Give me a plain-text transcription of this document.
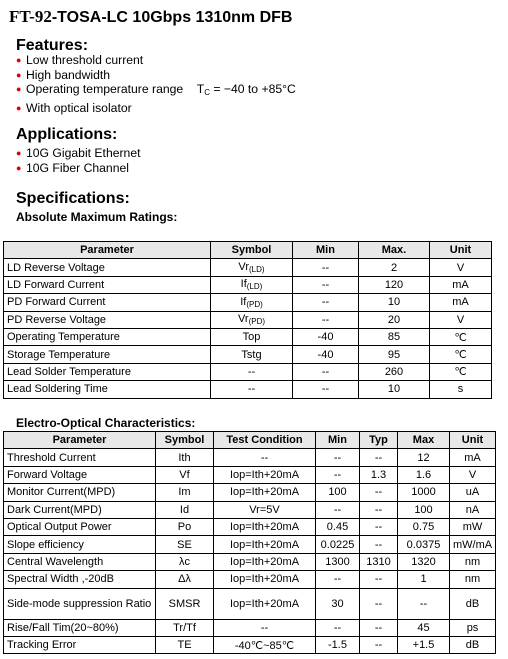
FT-92-TOSA-LC 10Gbps 1310nm DFB
Features:
● Low threshold current
● High bandwidth
● Operating temperature range $T_C = -40$ to +85°C
● With optical isolator
Applications:
● 10G Gigabit Ethernet
● 10G Fiber Channel
Specifications:
Absolute Maximum Ratings:
Parameter	Symbol	Min	Max.	Unit
LD Reverse Voltage	$Vr_{(LD)}$	--	2	V
LD Forward Current	$If_{(LD)}$	--	120	mA
PD Forward Current	$If_{(PD)}$	--	10	mA
PD Reverse Voltage	$Vr_{(PD)}$	--	20	V
Operating Temperature	Top	-40	85	℃
Storage Temperature	Tstg	-40	95	℃
Lead Solder Temperature	--	--	260	℃
Lead Soldering Time	--	--	10	s
Electro-Optical Characteristics:
Parameter	Symbol	Test Condition	Min	Typ	Max	Unit
Threshold Current	Ith	--	--	--	12	mA
Forward Voltage	Vf	Iop=Ith+20mA	--	1.3	1.6	V
Monitor Current(MPD)	Im	Iop=Ith+20mA	100	--	1000	uA
Dark Current(MPD)	Id	Vr=5V	--	--	100	nA
Optical Output Power	Po	Iop=Ith+20mA	0.45	--	0.75	mW
Slope efficiency	SE	Iop=Ith+20mA	0.0225	--	0.0375	mW/mA
Central Wavelength	λc	Iop=Ith+20mA	1300	1310	1320	nm
Spectral Width ,-20dB	Δλ	Iop=Ith+20mA	--	--	1	nm
Side-mode suppression Ratio	SMSR	Iop=Ith+20mA	30	--	--	dB
Rise/Fall Tim(20~80%)	Tr/Tf	--	--	--	45	ps
Tracking Error	TE	-40℃~85℃	-1.5	--	+1.5	dB
